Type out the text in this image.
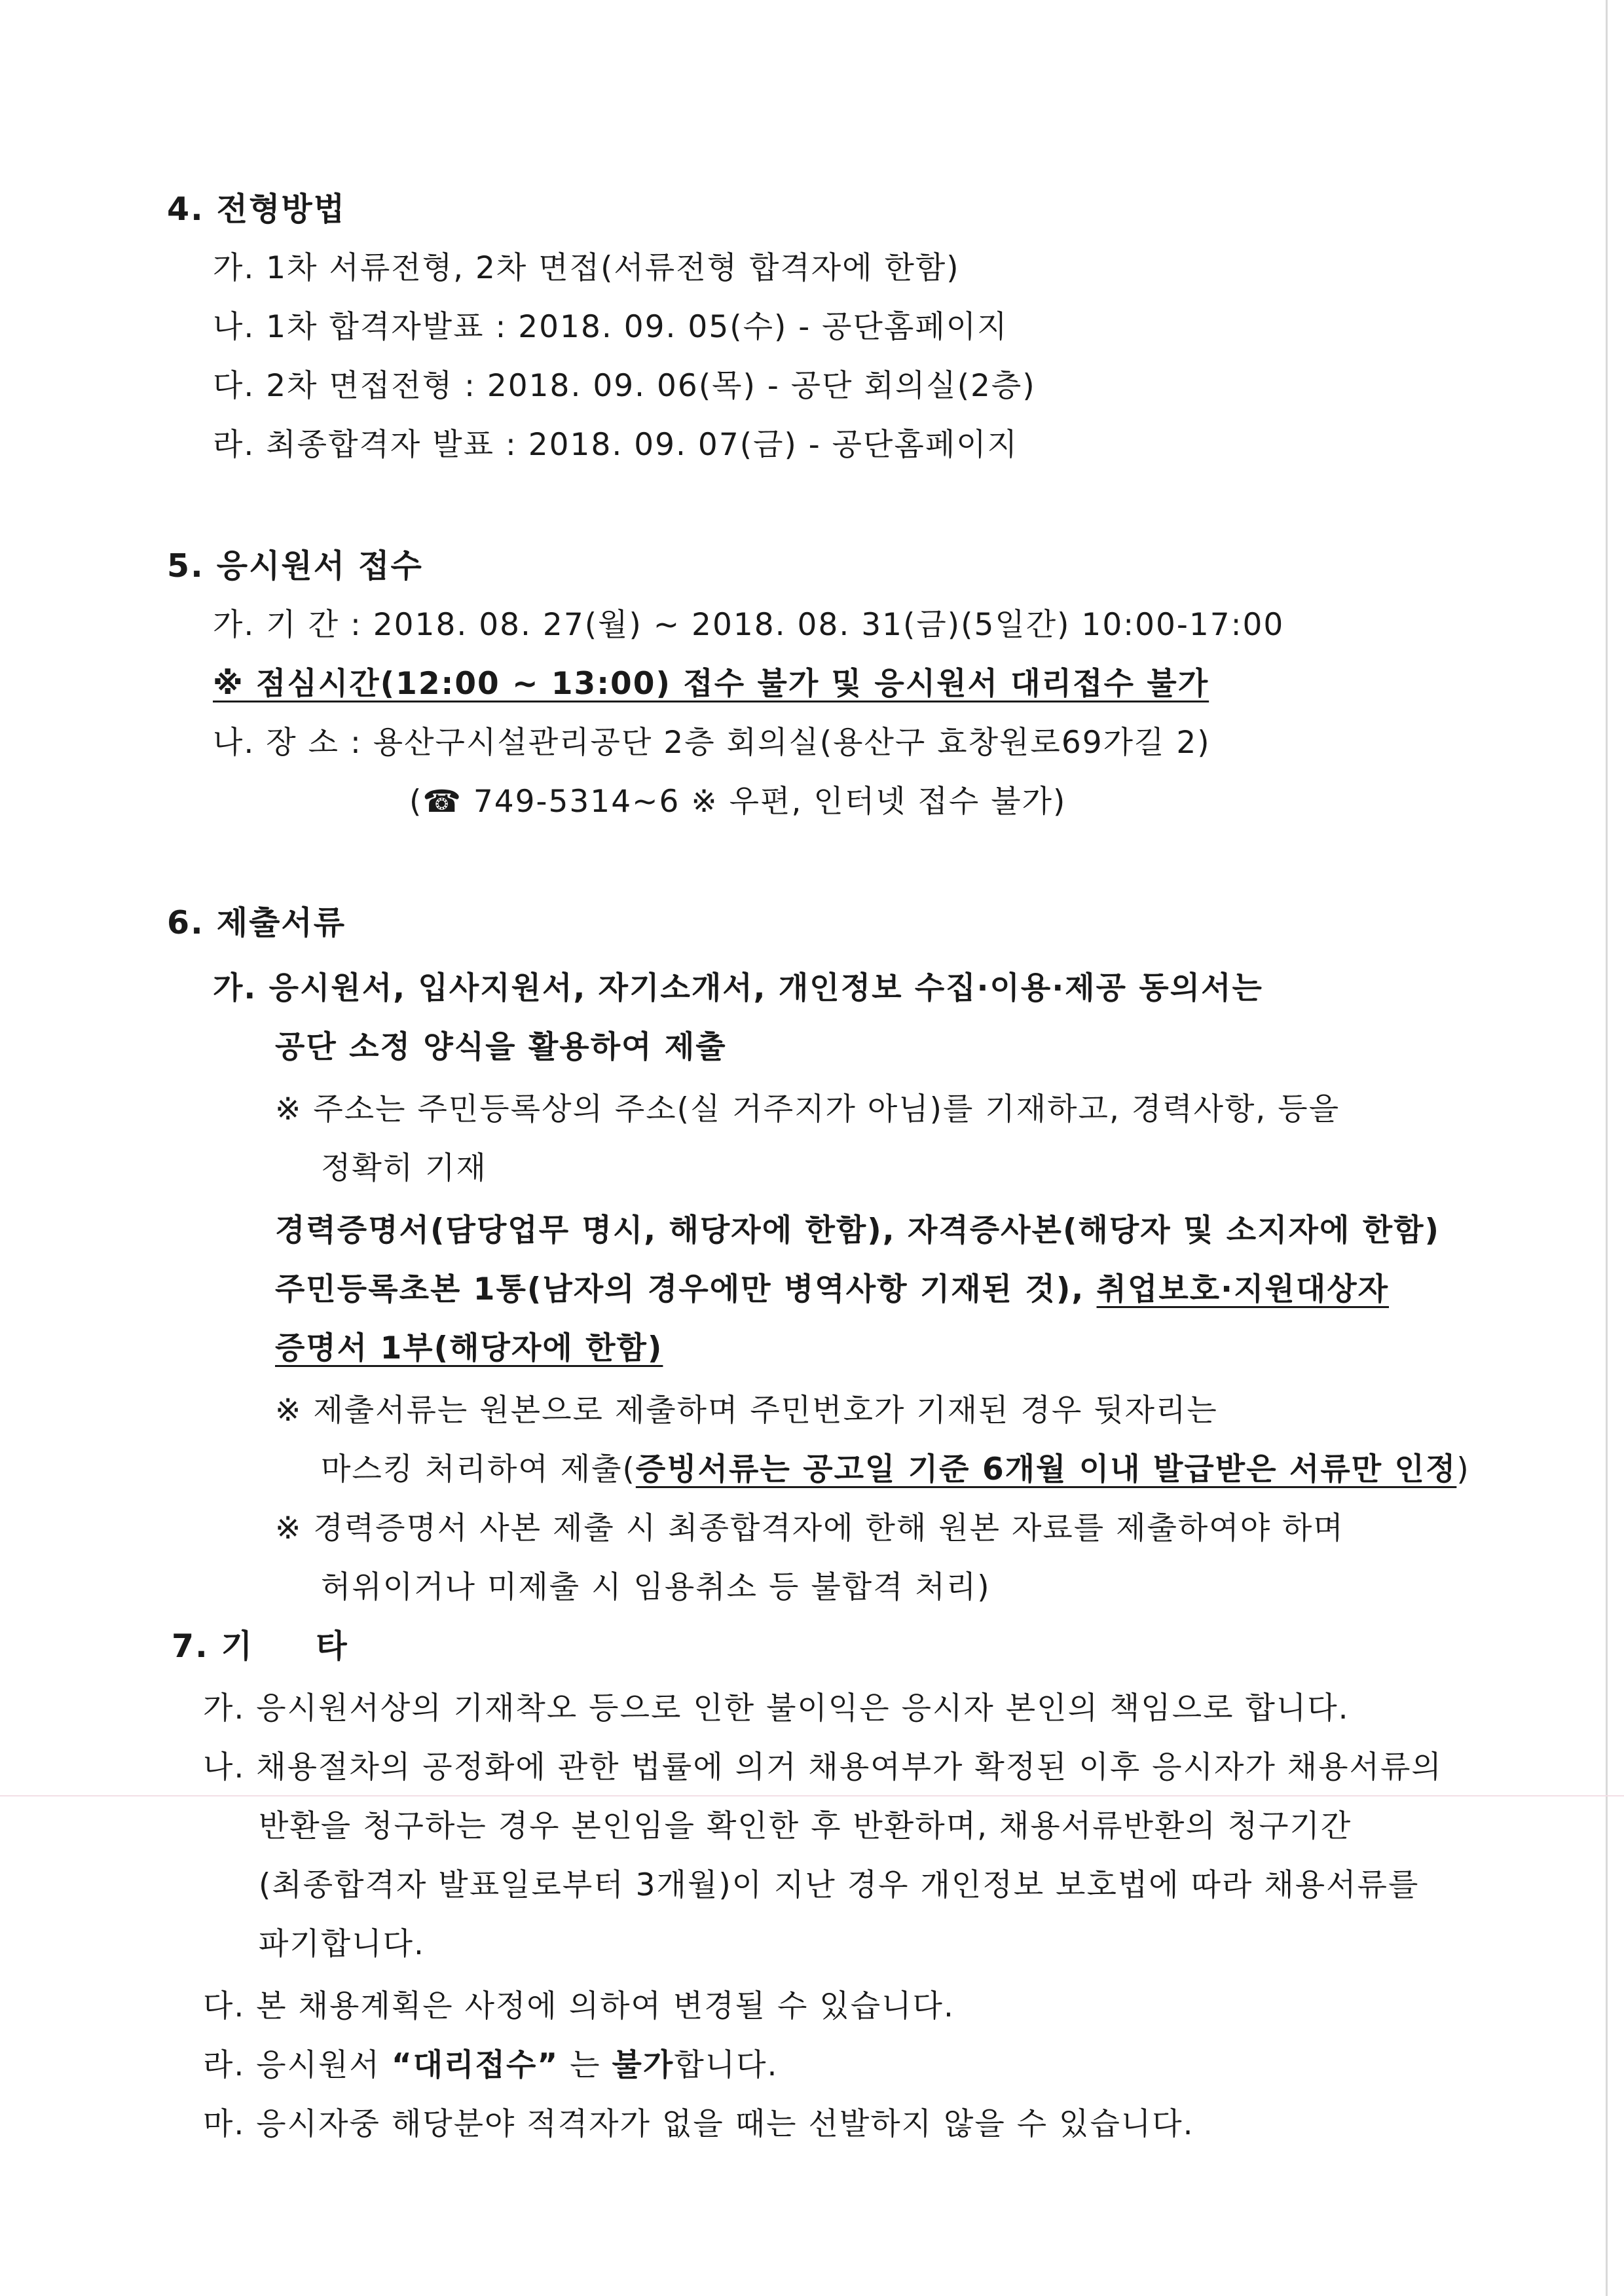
4. 전형방법
가. 1차 서류전형, 2차 면접(서류전형 합격자에 한함)
나. 1차 합격자발표 : 2018. 09. 05(수) - 공단홈페이지
다. 2차 면접전형 : 2018. 09. 06(목) - 공단 회의실(2층)
라. 최종합격자 발표 : 2018. 09. 07(금) - 공단홈페이지
5. 응시원서 접수
가. 기 간 : 2018. 08. 27(월) ~ 2018. 08. 31(금)(5일간) 10:00-17:00
※ 점심시간(12:00 ~ 13:00) 접수 불가 및 응시원서 대리접수 불가
나. 장 소 : 용산구시설관리공단 2층 회의실(용산구 효창원로69가길 2)
(☎ 749-5314~6 ※ 우편, 인터넷 접수 불가)
6. 제출서류
가. 응시원서, 입사지원서, 자기소개서, 개인정보 수집·이용·제공 동의서는
공단 소정 양식을 활용하여 제출
※ 주소는 주민등록상의 주소(실 거주지가 아님)를 기재하고, 경력사항, 등을
정확히 기재
경력증명서(담당업무 명시, 해당자에 한함), 자격증사본(해당자 및 소지자에 한함)
주민등록초본 1통(남자의 경우에만 병역사항 기재된 것), 취업보호·지원대상자
증명서 1부(해당자에 한함)
※ 제출서류는 원본으로 제출하며 주민번호가 기재된 경우 뒷자리는
마스킹 처리하여 제출(증빙서류는 공고일 기준 6개월 이내 발급받은 서류만 인정)
※ 경력증명서 사본 제출 시 최종합격자에 한해 원본 자료를 제출하여야 하며
허위이거나 미제출 시 임용취소 등 불합격 처리)
7. 기     타
가. 응시원서상의 기재착오 등으로 인한 불이익은 응시자 본인의 책임으로 합니다.
나. 채용절차의 공정화에 관한 법률에 의거 채용여부가 확정된 이후 응시자가 채용서류의
반환을 청구하는 경우 본인임을 확인한 후 반환하며, 채용서류반환의 청구기간
(최종합격자 발표일로부터 3개월)이 지난 경우 개인정보 보호법에 따라 채용서류를
파기합니다.
다. 본 채용계획은 사정에 의하여 변경될 수 있습니다.
라. 응시원서 “대리접수” 는 불가합니다.
마. 응시자중 해당분야 적격자가 없을 때는 선발하지 않을 수 있습니다.
